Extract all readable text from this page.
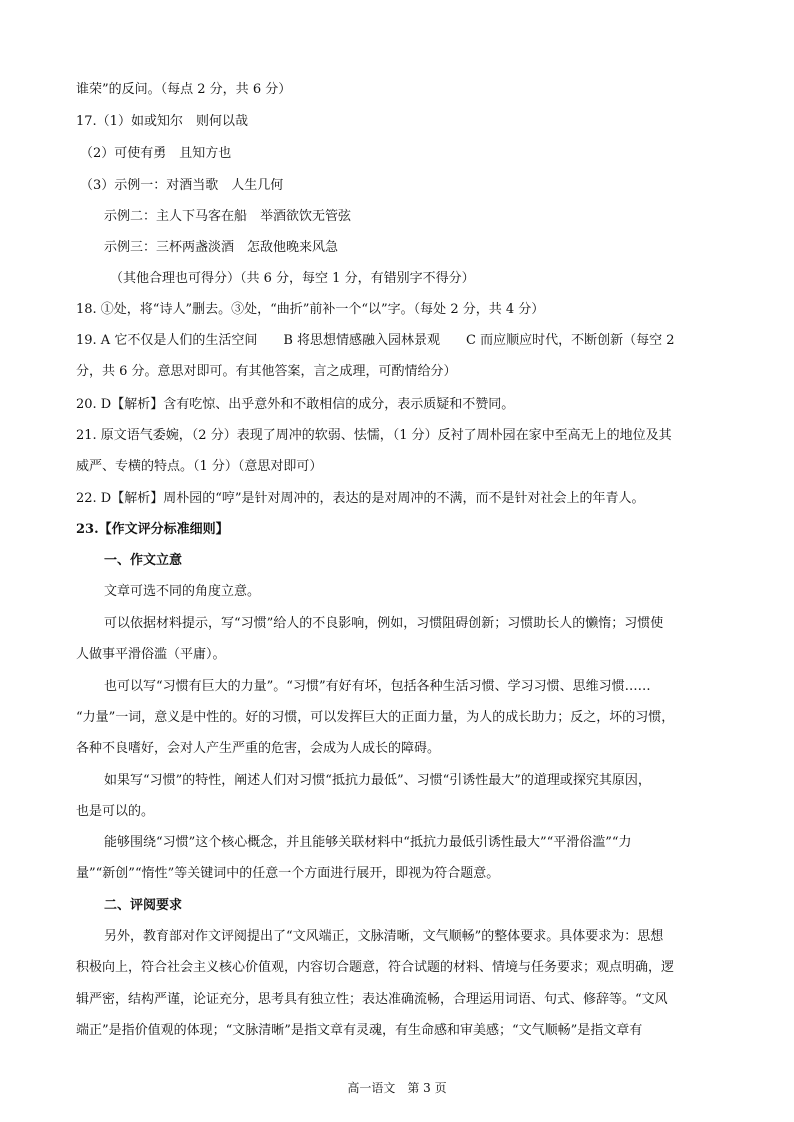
谁荣”的反问。（每点 2 分，共 6 分）
17.（1）如或知尔　则何以哉
（2）可使有勇　且知方也
（3）示例一：对酒当歌　人生几何
示例二：主人下马客在船　举酒欲饮无管弦
示例三：三杯两盏淡酒　怎敌他晚来风急
（其他合理也可得分）（共 6 分，每空 1 分，有错别字不得分）
18. ①处，将“诗人”删去。③处，“曲折”前补一个“以”字。（每处 2 分，共 4 分）
19. A 它不仅是人们的生活空间　　B 将思想情感融入园林景观　　C 而应顺应时代，不断创新（每空 2
分，共 6 分。意思对即可。有其他答案，言之成理，可酌情给分）
20. D【解析】含有吃惊、出乎意外和不敢相信的成分，表示质疑和不赞同。
21. 原文语气委婉，（2 分）表现了周冲的软弱、怯懦，（1 分）反衬了周朴园在家中至高无上的地位及其
威严、专横的特点。（1 分）（意思对即可）
22. D【解析】周朴园的“哼”是针对周冲的，表达的是对周冲的不满，而不是针对社会上的年青人。
23.【作文评分标准细则】
一、作文立意
文章可选不同的角度立意。
可以依据材料提示，写“习惯”给人的不良影响，例如，习惯阻碍创新；习惯助长人的懒惰；习惯使
人做事平滑俗滥（平庸）。
也可以写“习惯有巨大的力量”。“习惯”有好有坏，包括各种生活习惯、学习习惯、思维习惯……
“力量”一词，意义是中性的。好的习惯，可以发挥巨大的正面力量，为人的成长助力；反之，坏的习惯，
各种不良嗜好，会对人产生严重的危害，会成为人成长的障碍。
如果写“习惯”的特性，阐述人们对习惯“抵抗力最低”、习惯“引诱性最大”的道理或探究其原因，
也是可以的。
能够围绕“习惯”这个核心概念，并且能够关联材料中“抵抗力最低引诱性最大”“平滑俗滥”“力
量”“新创”“惰性”等关键词中的任意一个方面进行展开，即视为符合题意。
二、评阅要求
另外，教育部对作文评阅提出了“文风端正，文脉清晰，文气顺畅”的整体要求。具体要求为：思想
积极向上，符合社会主义核心价值观，内容切合题意，符合试题的材料、情境与任务要求；观点明确，逻
辑严密，结构严谨，论证充分，思考具有独立性；表达准确流畅，合理运用词语、句式、修辞等。“文风
端正”是指价值观的体现；“文脉清晰”是指文章有灵魂，有生命感和审美感；“文气顺畅”是指文章有
高一语文　第 3 页
